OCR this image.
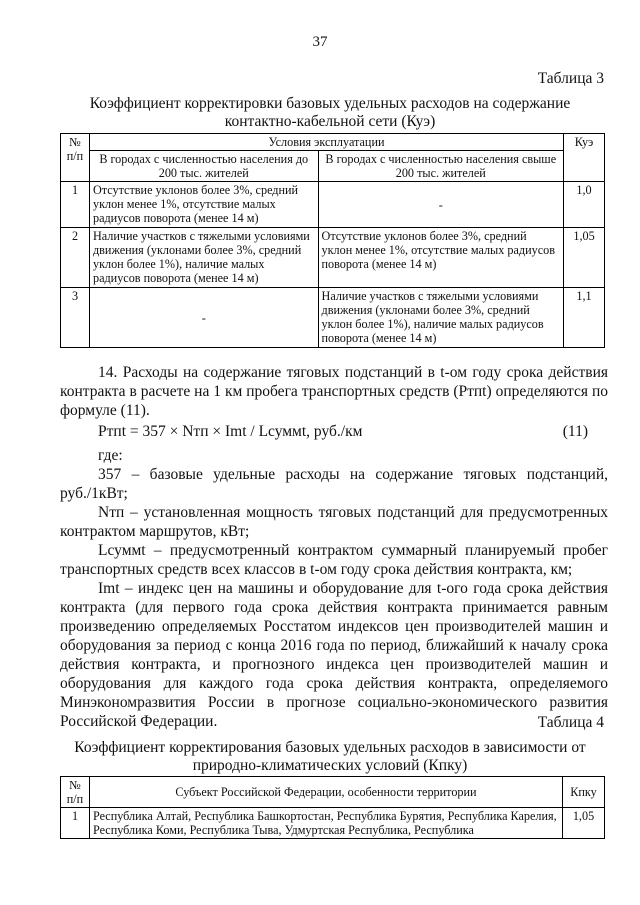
37
Таблица 3
Коэффициент корректировки базовых удельных расходов на содержание
контактно-кабельной сети (Куэ)
№ п/п	Условия эксплуатации		Куэ
	В городах с численностью населения до 200 тыс. жителей	В городах с численностью населения свыше 200 тыс. жителей	
1	Отсутствие уклонов более 3%, средний уклон менее 1%, отсутствие малых радиусов поворота (менее 14 м)	-	1,0
2	Наличие участков с тяжелыми условиями движения (уклонами более 3%, средний уклон более 1%), наличие малых радиусов поворота (менее 14 м)	Отсутствие уклонов более 3%, средний уклон менее 1%, отсутствие малых радиусов поворота (менее 14 м)	1,05
3	-	Наличие участков с тяжелыми условиями движения (уклонами более 3%, средний уклон более 1%), наличие малых радиусов поворота (менее 14 м)	1,1
14. Расходы на содержание тяговых подстанций в t-ом году срока действия контракта в расчете на 1 км пробега транспортных средств (Pтпt) определяются по формуле (11).
Pтпt = 357 × Nтп × Imt / Lсуммt, руб./км	(11)
где:
357 – базовые удельные расходы на содержание тяговых подстанций, руб./1кВт;
Nтп – установленная мощность тяговых подстанций для предусмотренных контрактом маршрутов, кВт;
Lсуммt – предусмотренный контрактом суммарный планируемый пробег транспортных средств всех классов в t-ом году срока действия контракта, км;
Imt – индекс цен на машины и оборудование для t-ого года срока действия контракта (для первого года срока действия контракта принимается равным произведению определяемых Росстатом индексов цен производителей машин и оборудования за период с конца 2016 года по период, ближайший к началу срока действия контракта, и прогнозного индекса цен производителей машин и оборудования для каждого года срока действия контракта, определяемого Минэкономразвития России в прогнозе социально-экономического развития Российской Федерации.	Таблица 4
Коэффициент корректирования базовых удельных расходов в зависимости от
природно-климатических условий (Кпку)
№ п/п	Субъект Российской Федерации, особенности территории	Кпку
1	Республика Алтай, Республика Башкортостан, Республика Бурятия, Республика Карелия, Республика Коми, Республика Тыва, Удмуртская Республика, Республика	1,05
